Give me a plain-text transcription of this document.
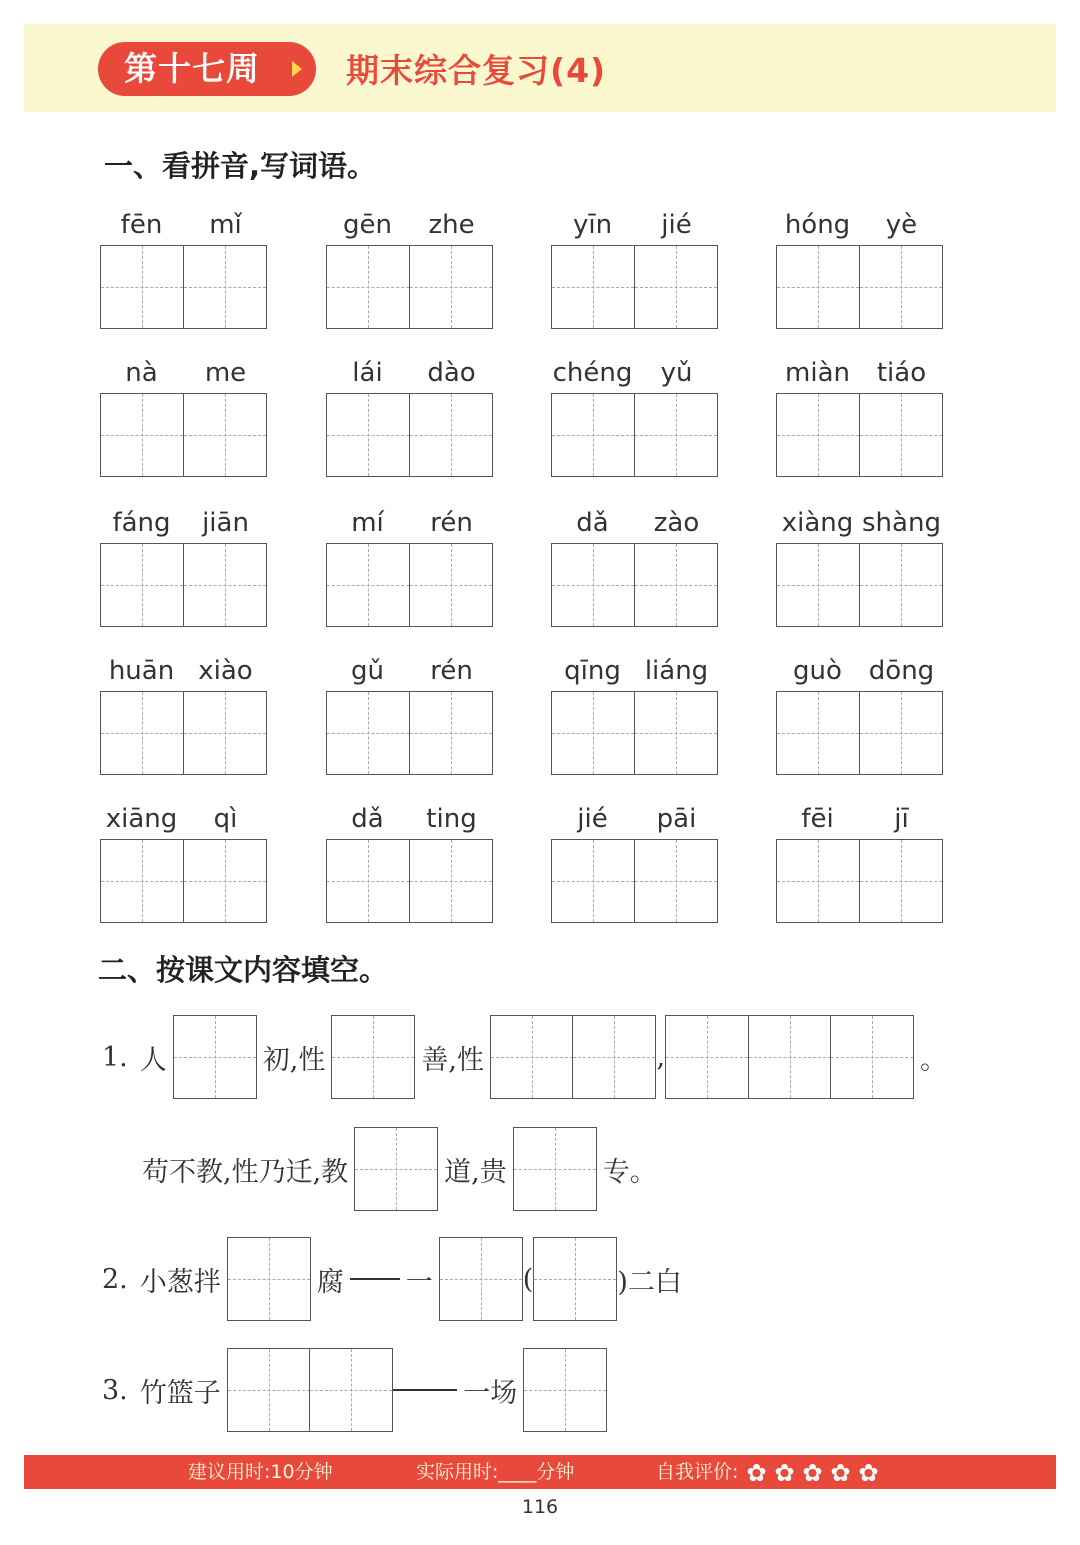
第十七周	期末综合复习(4)
一、看拼音,写词语。
fēn	mǐ	gēn	zhe	yīn	jié	hóng	yè
nà	me	lái	dào	chéng	yǔ	miàn	tiáo
fáng	jiān	mí	rén	dǎ	zào	xiàng shàng
huān xiào	gǔ	rén	qīng liáng	guò	dōng
xiāng	qì	dǎ	ting	jié	pāi	fēi	jī
二、按课文内容填空。
1. 人	初,性	善,性	,	。
苟不教,性乃迁,教	道,贵	专。
2. 小葱拌	腐 一	(	)二白
3. 竹篮子	一场
建议用时:10分钟	实际用时:____分钟	自我评价: ✿ ✿ ✿ ✿ ✿
116
